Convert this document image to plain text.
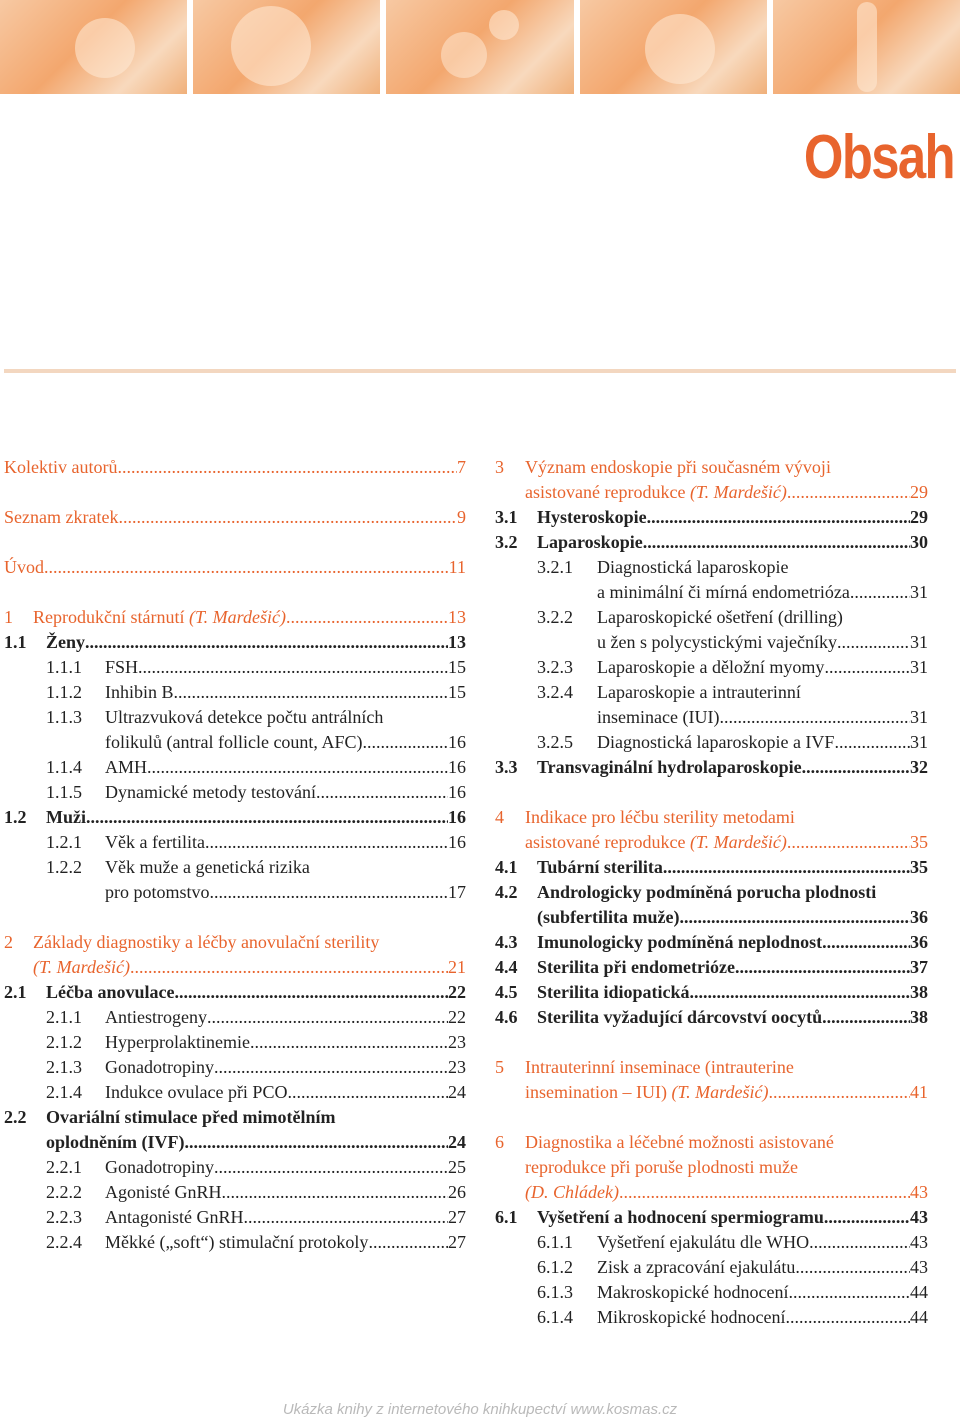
Obsah
Kolektiv autorů .....	7
Seznam zkratek .....	9
Úvod .....	11
1	Reprodukční stárnutí
(T. Mardešić) .....	13
1.1	Ženy .....	13
1.1.1	FSH .....	15
1.1.2	Inhibin B .....	15
1.1.3	Ultrazvuková detekce počtu antrálních
folikulů (antral follicle count, AFC) .....	16
1.1.4	AMH .....	16
1.1.5	Dynamické metody testování .....	16
1.2	Muži .....	16
1.2.1	Věk a fertilita .....	16
1.2.2	Věk muže a genetická rizika
pro potomstvo .....	17
2	Základy diagnostiky a léčby anovulační sterility
(T. Mardešić) .....	21
2.1	Léčba anovulace .....	22
2.1.1	Antiestrogeny .....	22
2.1.2	Hyperprolaktinemie .....	23
2.1.3	Gonadotropiny .....	23
2.1.4	Indukce ovulace při PCO .....	24
2.2	Ovariální stimulace před mimotělním
oplodněním (IVF) .....	24
2.2.1	Gonadotropiny .....	25
2.2.2	Agonisté GnRH .....	26
2.2.3	Antagonisté GnRH .....	27
2.2.4	Měkké („soft“) stimulační protokoly .....	27
3	Význam endoskopie při současném vývoji
asistované reprodukce
(T. Mardešić) .....	29
3.1	Hysteroskopie .....	29
3.2	Laparoskopie .....	30
3.2.1	Diagnostická laparoskopie
a minimální či mírná endometrióza .....	31
3.2.2	Laparoskopické ošetření (drilling)
u žen s polycystickými vaječníky .....	31
3.2.3	Laparoskopie a děložní myomy .....	31
3.2.4	Laparoskopie a intrauterinní
inseminace (IUI) .....	31
3.2.5	Diagnostická laparoskopie a IVF .....	31
3.3	Transvaginální hydrolaparoskopie .....	32
4	Indikace pro léčbu sterility metodami
asistované reprodukce
(T. Mardešić) .....	35
4.1	Tubární sterilita .....	35
4.2	Andrologicky podmíněná porucha plodnosti
(subfertilita muže) .....	36
4.3	Imunologicky podmíněná neplodnost .....	36
4.4	Sterilita při endometrióze .....	37
4.5	Sterilita idiopatická .....	38
4.6	Sterilita vyžadující dárcovství oocytů .....	38
5	Intrauterinní inseminace (intrauterine
insemination – IUI)
(T. Mardešić) .....	41
6	Diagnostika a léčebné možnosti asistované
reprodukce při poruše plodnosti muže
(D. Chládek) .....	43
6.1	Vyšetření a hodnocení spermiogramu .....	43
6.1.1	Vyšetření ejakulátu dle WHO .....	43
6.1.2	Zisk a zpracování ejakulátu .....	43
6.1.3	Makroskopické hodnocení .....	44
6.1.4	Mikroskopické hodnocení .....	44
Ukázka knihy z internetového knihkupectví www.kosmas.cz
